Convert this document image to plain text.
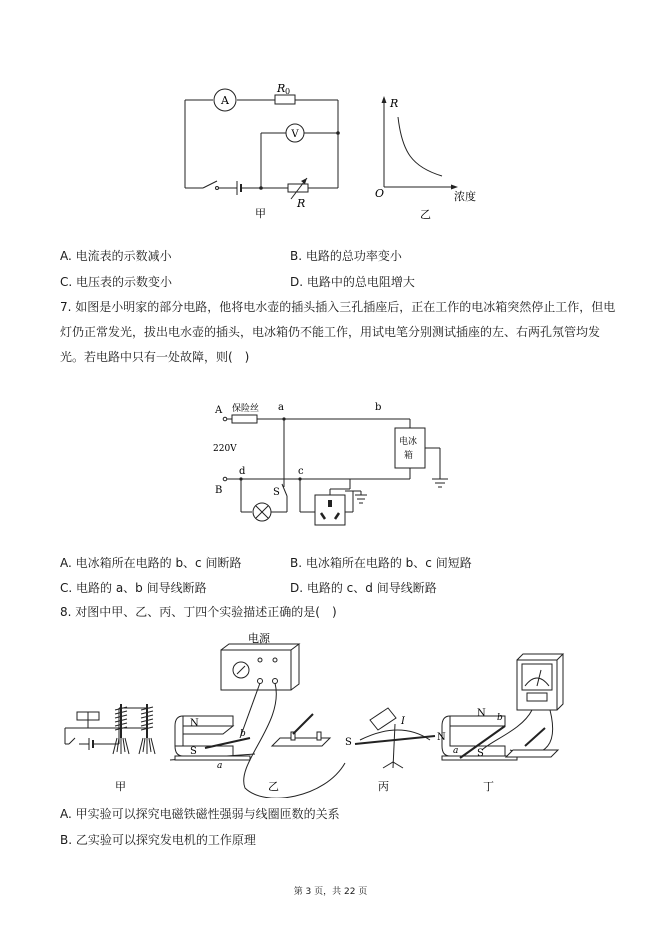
A
V
R 0
R
甲
R
O	浓度
乙
A. 电流表的示数减小	B. 电路的总功率变小
C. 电压表的示数变小	D. 电路中的总电阻增大
7. 如图是小明家的部分电路，他将电水壶的插头插入三孔插座后，正在工作的电冰箱突然停止工作，但电
灯仍正常发光，拔出电水壶的插头，电冰箱仍不能工作，用试电笔分别测试插座的左、右两孔氖管均发
光。若电路中只有一处故障，则(　)
A
B
保险丝 a	b
d	c
220V
S
电冰
箱
A. 电冰箱所在电路的 b、c 间断路	B. 电冰箱所在电路的 b、c 间短路
C. 电路的 a、b 间导线断路	D. 电路的 c、d 间导线断路
8. 对图中甲、乙、丙、丁四个实验描述正确的是(　)
电源
N
S
a
b
I
S	N
N
S
a
b
甲	乙	丙	丁
A. 甲实验可以探究电磁铁磁性强弱与线圈匝数的关系
B. 乙实验可以探究发电机的工作原理
第 3 页，共 22 页
